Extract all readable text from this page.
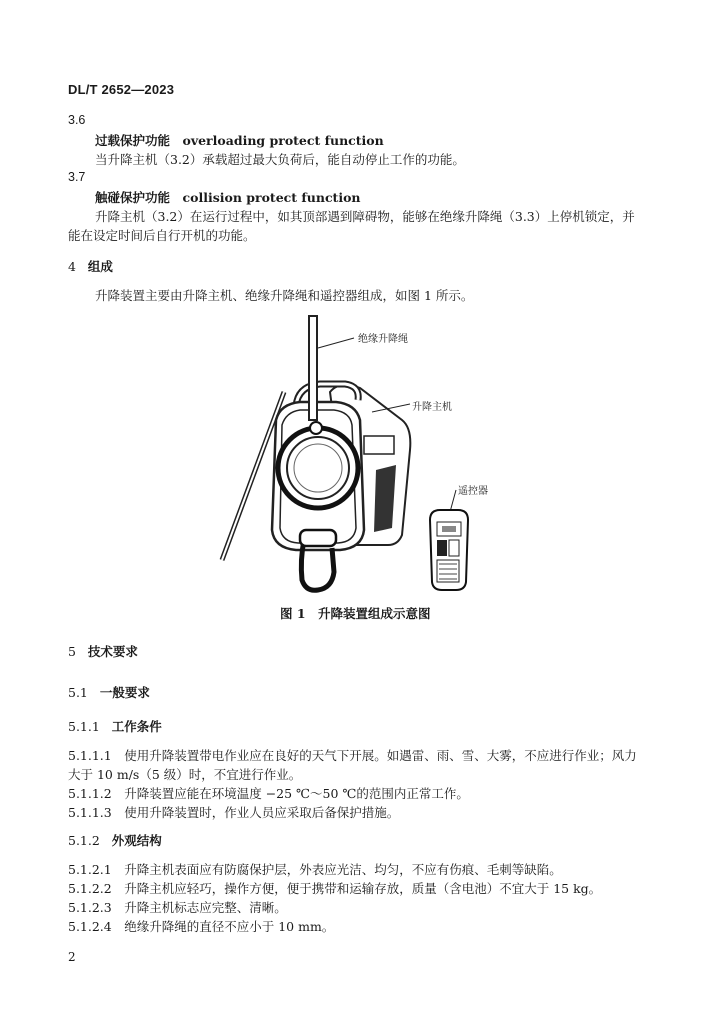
DL/T 2652—2023
3.6
过载保护功能　overloading protect function
当升降主机（3.2）承载超过最大负荷后，能自动停止工作的功能。
3.7
触碰保护功能　collision protect function
升降主机（3.2）在运行过程中，如其顶部遇到障碍物，能够在绝缘升降绳（3.3）上停机锁定，并
能在设定时间后自行开机的功能。
4 组成
升降装置主要由升降主机、绝缘升降绳和遥控器组成，如图 1 所示。
绝缘升降绳
升降主机
遥控器
图 1　升降装置组成示意图
5 技术要求
5.1 一般要求
5.1.1 工作条件
5.1.1.1　使用升降装置带电作业应在良好的天气下开展。如遇雷、雨、雪、大雾，不应进行作业；风力
大于 10 m/s（5 级）时，不宜进行作业。
5.1.1.2　升降装置应能在环境温度 −25 ℃～50 ℃的范围内正常工作。
5.1.1.3　使用升降装置时，作业人员应采取后备保护措施。
5.1.2 外观结构
5.1.2.1　升降主机表面应有防腐保护层，外表应光洁、均匀，不应有伤痕、毛刺等缺陷。
5.1.2.2　升降主机应轻巧，操作方便，便于携带和运输存放，质量（含电池）不宜大于 15 kg。
5.1.2.3　升降主机标志应完整、清晰。
5.1.2.4　绝缘升降绳的直径不应小于 10 mm。
2
